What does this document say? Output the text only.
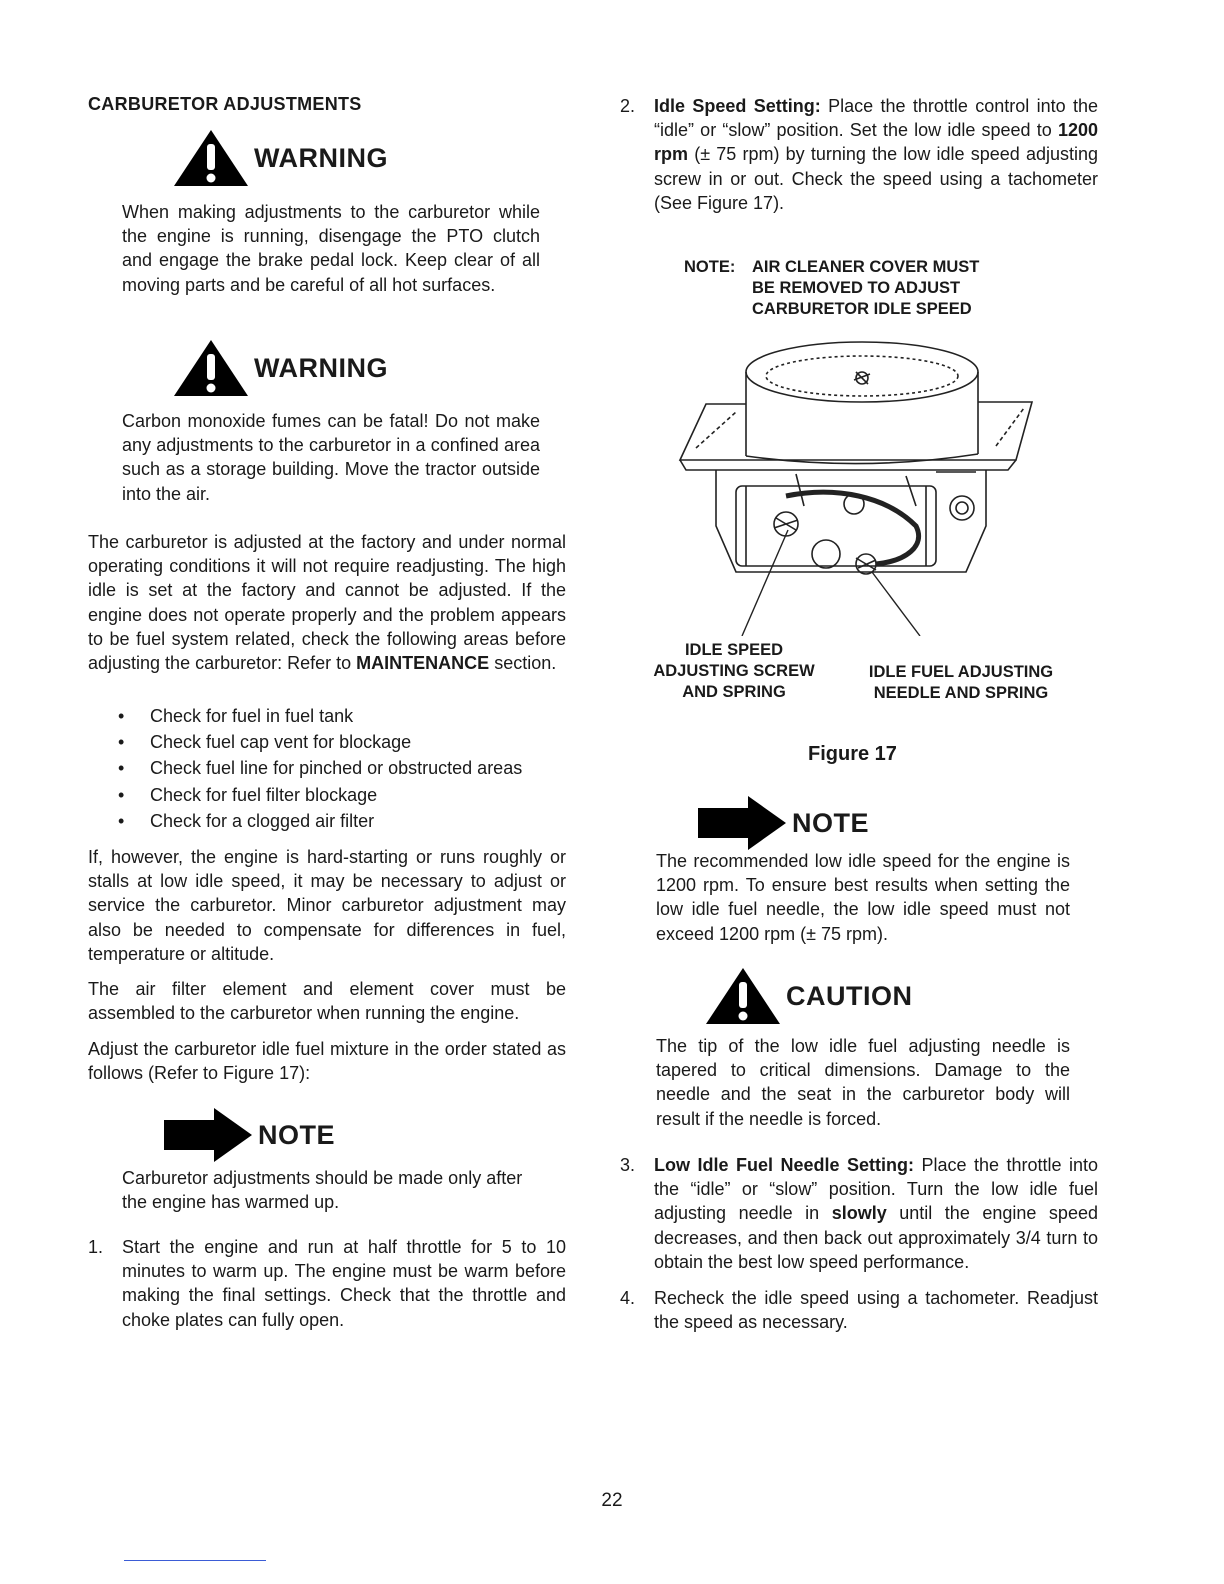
CARBURETOR ADJUSTMENTS
WARNING

When making adjustments to the carburetor while the engine is running, disengage the PTO clutch and engage the brake pedal lock. Keep clear of all moving parts and be careful of all hot surfaces.

WARNING

Carbon monoxide fumes can be fatal! Do not make any adjustments to the carburetor in a confined area such as a storage building. Move the tractor outside into the air.

The carburetor is adjusted at the factory and under normal operating conditions it will not require readjusting. The high idle is set at the factory and cannot be adjusted. If the engine does not operate properly and the problem appears to be fuel system related, check the following areas before adjusting the carburetor: Refer to MAINTENANCE section.

• Check for fuel in fuel tank
• Check fuel cap vent for blockage
• Check fuel line for pinched or obstructed areas
• Check for fuel filter blockage
• Check for a clogged air filter

If, however, the engine is hard-starting or runs roughly or stalls at low idle speed, it may be necessary to adjust or service the carburetor. Minor carburetor adjustment may also be needed to compensate for differences in fuel, temperature or altitude.

The air filter element and element cover must be assembled to the carburetor when running the engine.

Adjust the carburetor idle fuel mixture in the order stated as follows (Refer to Figure 17):

NOTE

Carburetor adjustments should be made only after the engine has warmed up.

1. Start the engine and run at half throttle for 5 to 10 minutes to warm up. The engine must be warm before making the final settings. Check that the throttle and choke plates can fully open.

2. Idle Speed Setting: Place the throttle control into the “idle” or “slow” position. Set the low idle speed to 1200 rpm (± 75 rpm) by turning the low idle speed adjusting screw in or out. Check the speed using a tachometer (See Figure 17).

NOTE:	AIR CLEANER COVER MUST
BE REMOVED TO ADJUST
CARBURETOR IDLE SPEED
IDLE SPEED
ADJUSTING SCREW
AND SPRING
IDLE FUEL ADJUSTING
NEEDLE AND SPRING
Figure 17
NOTE

The recommended low idle speed for the engine is 1200 rpm. To ensure best results when setting the low idle fuel needle, the low idle speed must not exceed 1200 rpm (± 75 rpm).

CAUTION

The tip of the low idle fuel adjusting needle is tapered to critical dimensions. Damage to the needle and the seat in the carburetor body will result if the needle is forced.

3. Low Idle Fuel Needle Setting: Place the throttle into the “idle” or “slow” position. Turn the low idle fuel adjusting needle in slowly until the engine speed decreases, and then back out approximately 3/4 turn to obtain the best low speed performance.

4. Recheck the idle speed using a tachometer. Readjust the speed as necessary.

22
